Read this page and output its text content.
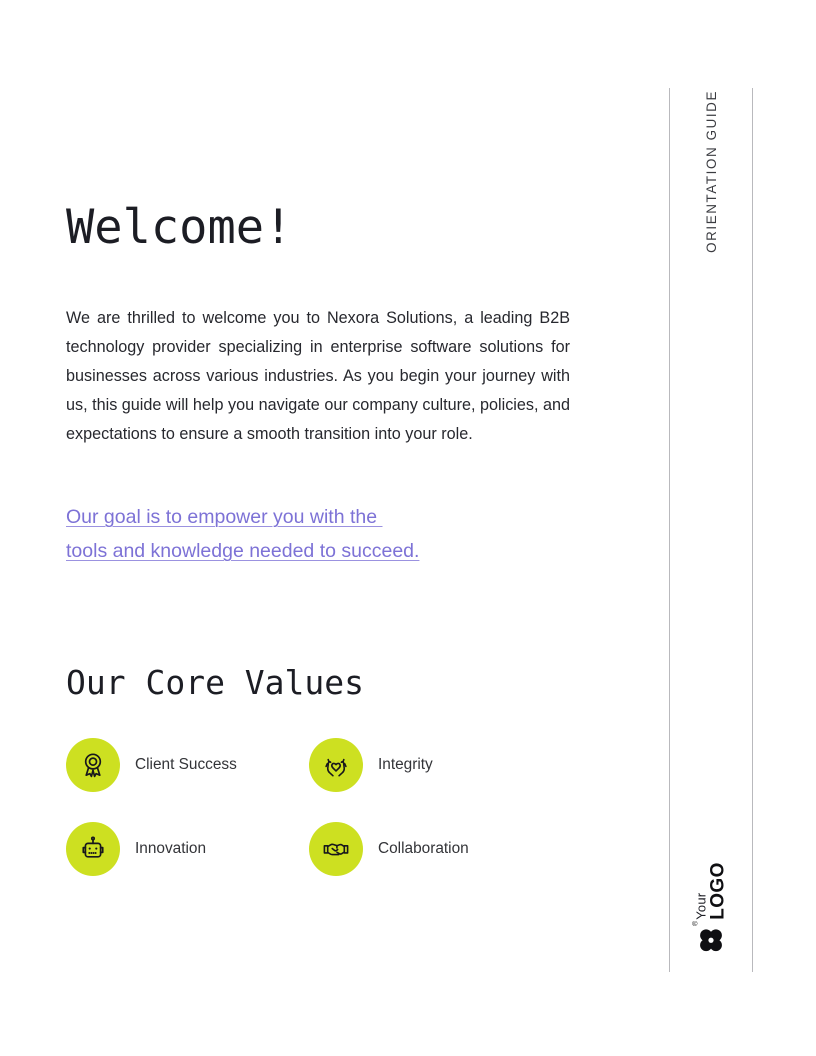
Welcome!

We are thrilled to welcome you to Nexora Solutions, a leading B2B technology provider specializing in enterprise software solutions for businesses across various industries. As you begin your journey with us, this guide will help you navigate our company culture, policies, and expectations to ensure a smooth transition into your role.

Our goal is to empower you with the
tools and knowledge needed to succeed.
Our Core Values
Client Success	Integrity
Innovation	Collaboration
ORIENTATION GUIDE
®
Your LOGO
